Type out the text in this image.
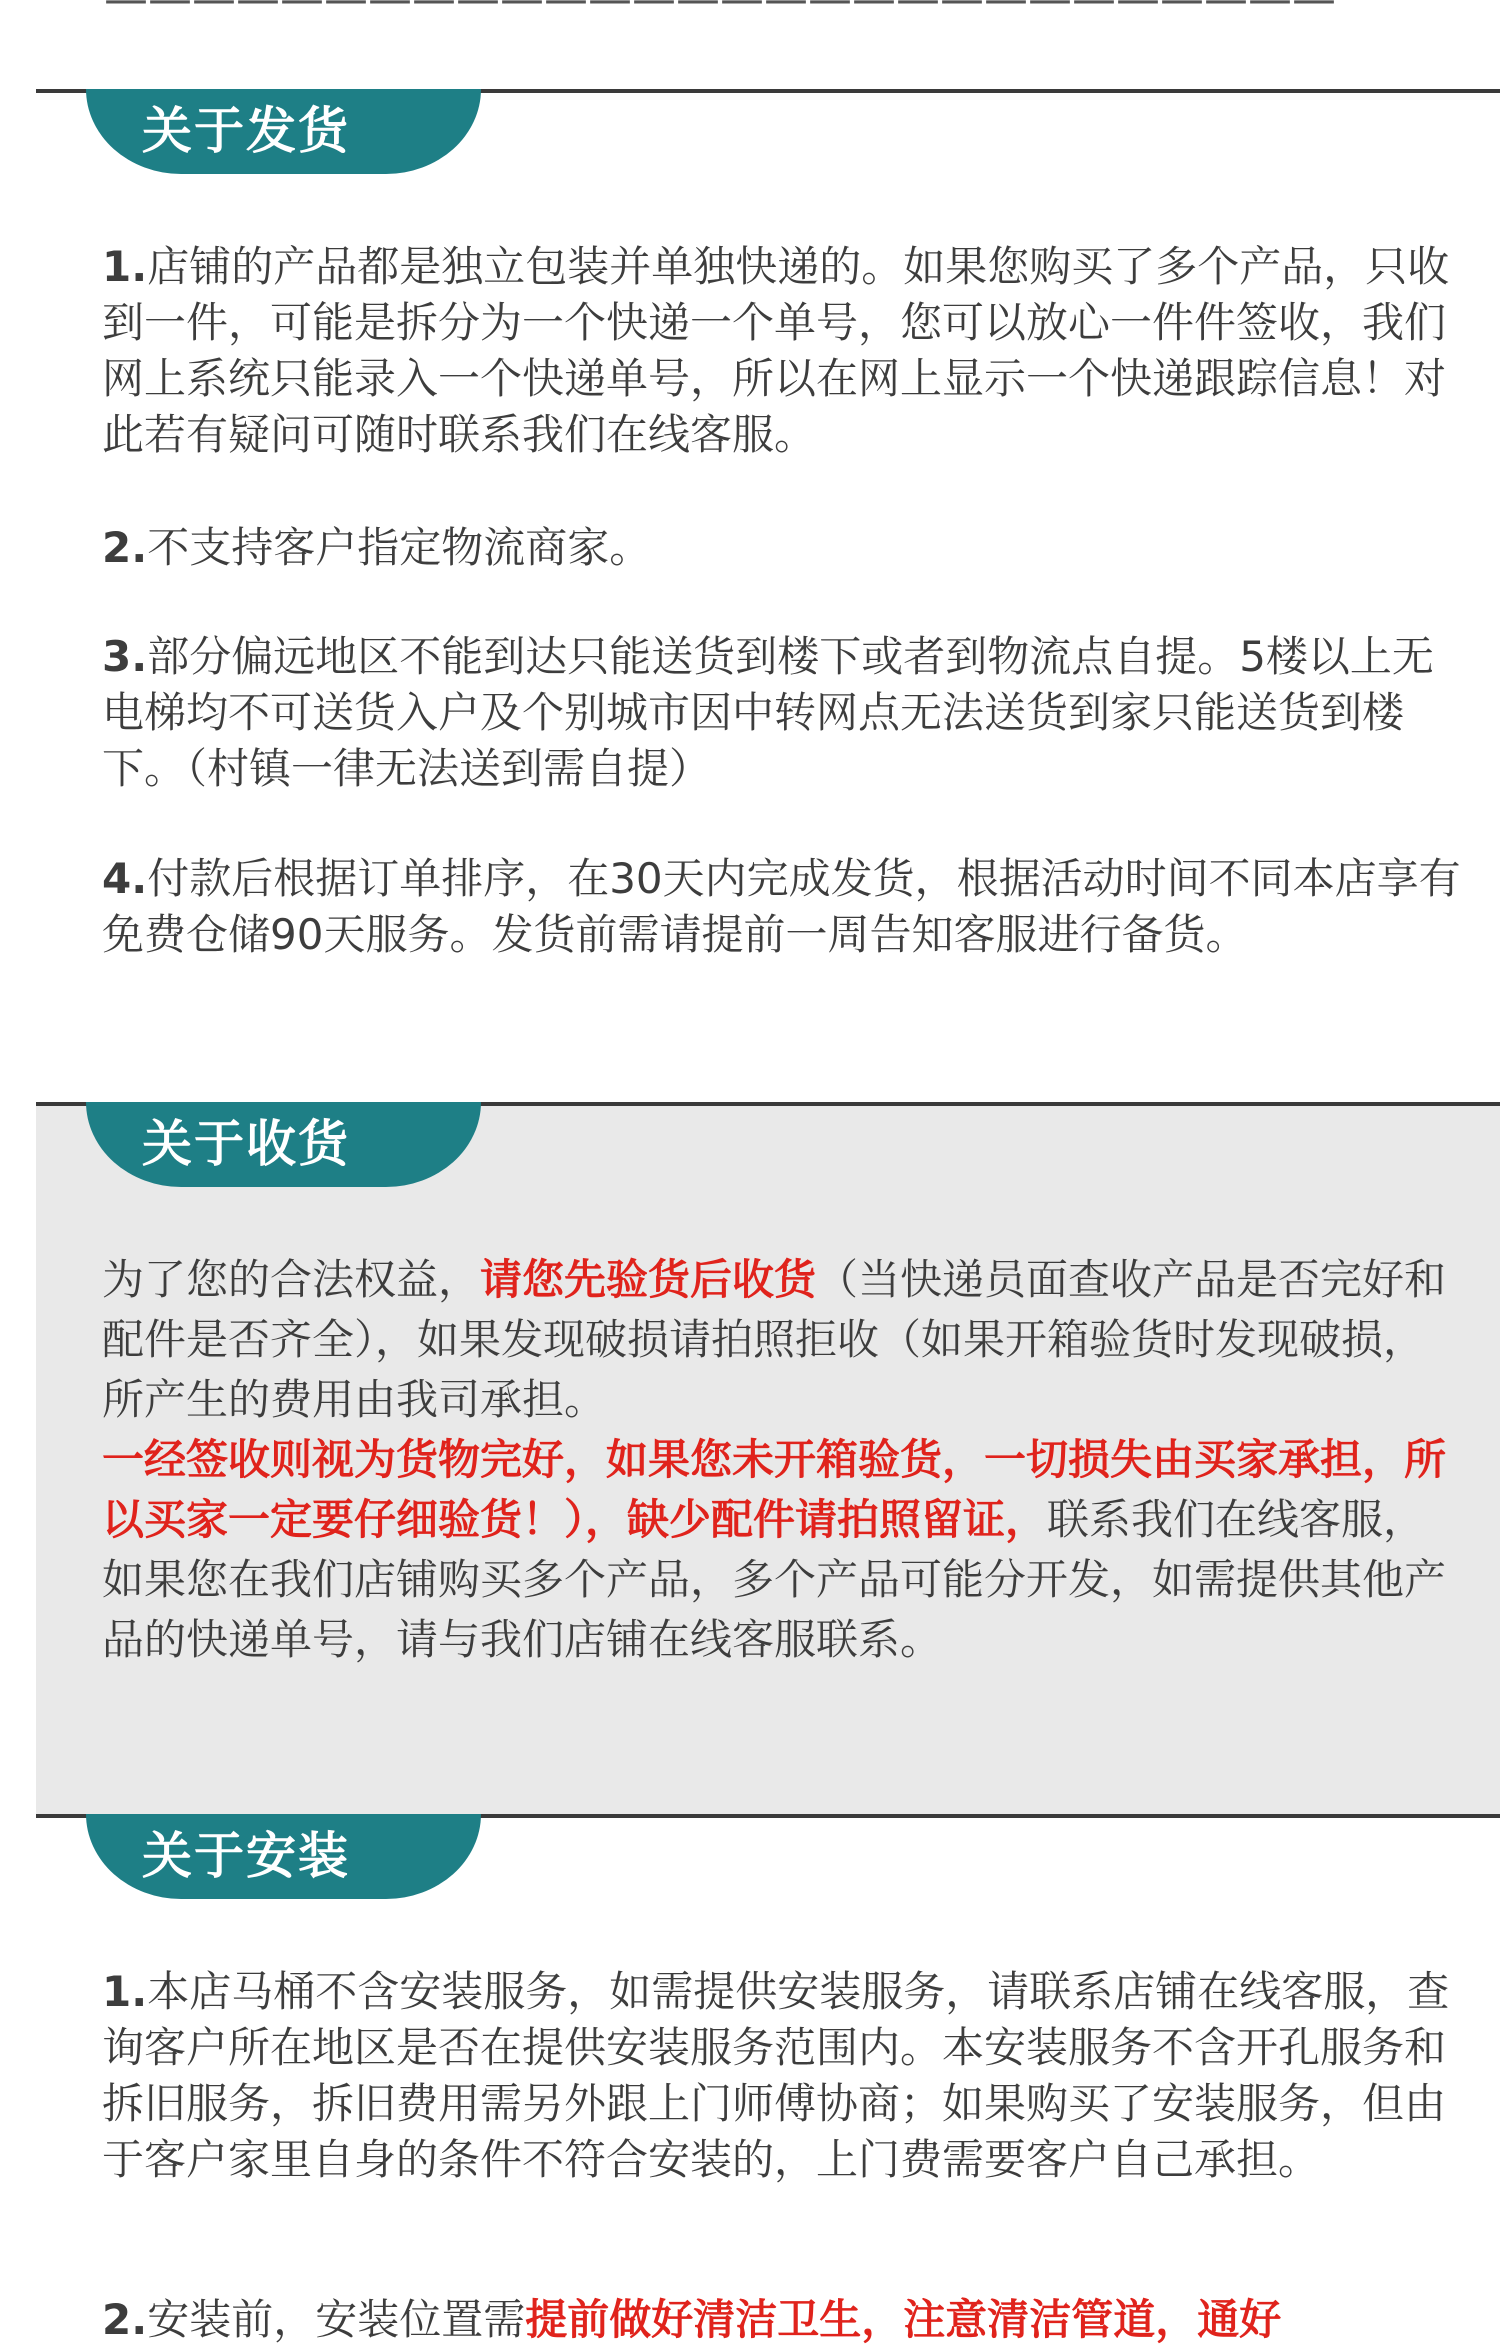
关于发货

1.店铺的产品都是独立包装并单独快递的。如果您购买了多个产品，只收到一件，可能是拆分为一个快递一个单号，您可以放心一件件签收，我们网上系统只能录入一个快递单号，所以在网上显示一个快递跟踪信息！对此若有疑问可随时联系我们在线客服。

2.不支持客户指定物流商家。

3.部分偏远地区不能到达只能送货到楼下或者到物流点自提。5楼以上无电梯均不可送货入户及个别城市因中转网点无法送货到家只能送货到楼下。（村镇一律无法送到需自提）

4.付款后根据订单排序，在30天内完成发货，根据活动时间不同本店享有免费仓储90天服务。发货前需请提前一周告知客服进行备货。

关于收货

为了您的合法权益，请您先验货后收货（当快递员面查收产品是否完好和配件是否齐全），如果发现破损请拍照拒收（如果开箱验货时发现破损，所产生的费用由我司承担。
一经签收则视为货物完好，如果您未开箱验货，一切损失由买家承担，所以买家一定要仔细验货！），缺少配件请拍照留证，联系我们在线客服，如果您在我们店铺购买多个产品，多个产品可能分开发，如需提供其他产品的快递单号，请与我们店铺在线客服联系。

关于安装

1.本店马桶不含安装服务，如需提供安装服务，请联系店铺在线客服，查询客户所在地区是否在提供安装服务范围内。本安装服务不含开孔服务和拆旧服务，拆旧费用需另外跟上门师傅协商；如果购买了安装服务，但由于客户家里自身的条件不符合安装的，上门费需要客户自己承担。

2.安装前，安装位置需提前做好清洁卫生，注意清洁管道，通好
